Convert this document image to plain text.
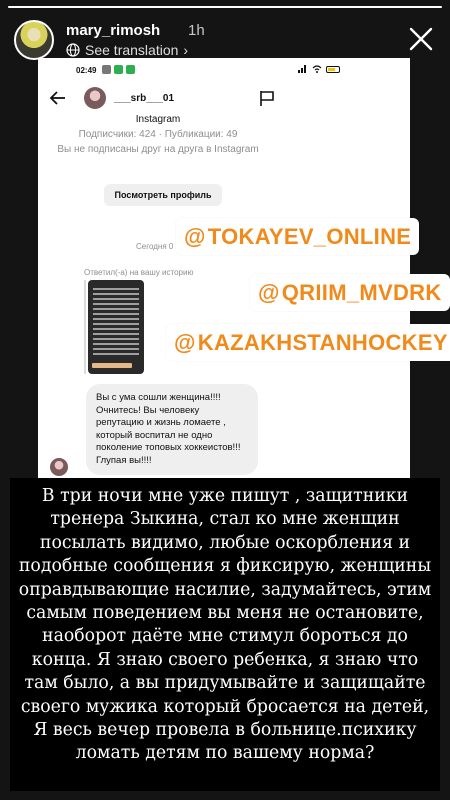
mary_rimosh 1h
See translation ›
02:49
___srb___01
Instagram
Подписчики: 424 · Публикации: 49
Вы не подписаны друг на друга в Instagram
Посмотреть профиль
Сегодня 0
Ответил(-а) на вашу историю
Вы с ума сошли женщина!!!! Очнитесь! Вы человеку репутацию и жизнь ломаете , который воспитал не одно поколение топовых хоккеистов!!! Глупая вы!!!!
@ TOKAYEV_ONLINE
@ QRIIM_MVDRK
@ KAZAKHSTANHOCKEY
В три ночи мне уже пишут , защитники тренера Зыкина, стал ко мне женщин посылать видимо, любые оскорбления и подобные сообщения я фиксирую, женщины оправдывающие насилие, задумайтесь, этим самым поведением вы меня не остановите, наоборот даёте мне стимул бороться до конца. Я знаю своего ребенка, я знаю что там было, а вы придумывайте и защищайте своего мужика который бросается на детей, Я весь вечер провела в больнице.психику ломать детям по вашему норма?
